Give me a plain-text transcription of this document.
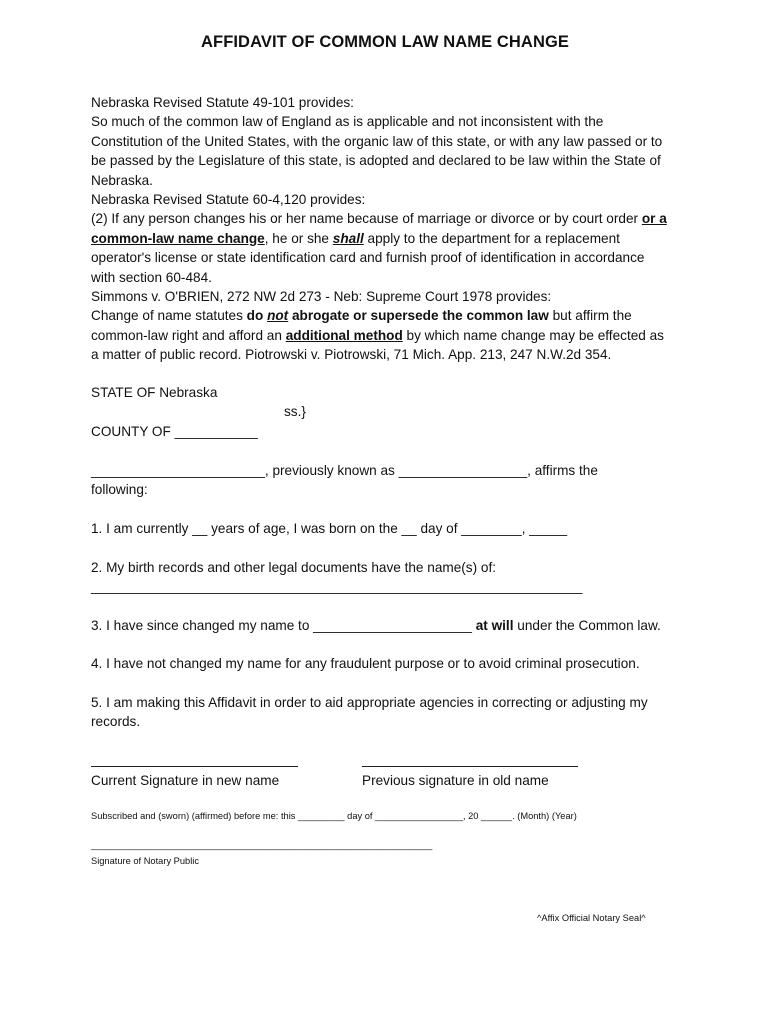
AFFIDAVIT OF COMMON LAW NAME CHANGE
Nebraska Revised Statute 49-101 provides:
So much of the common law of England as is applicable and not inconsistent with the
Constitution of the United States, with the organic law of this state, or with any law passed or to
be passed by the Legislature of this state, is adopted and declared to be law within the State of
Nebraska.
Nebraska Revised Statute 60-4,120 provides:
(2) If any person changes his or her name because of marriage or divorce or by court order or a
common-law name change, he or she shall apply to the department for a replacement
operator's license or state identification card and furnish proof of identification in accordance
with section 60-484.
Simmons v. O'BRIEN, 272 NW 2d 273 - Neb: Supreme Court 1978 provides:
Change of name statutes do not abrogate or supersede the common law but affirm the
common-law right and afford an additional method by which name change may be effected as
a matter of public record. Piotrowski v. Piotrowski, 71 Mich. App. 213, 247 N.W.2d 354.
STATE OF Nebraska
ss.}
COUNTY OF ___________
_______________________, previously known as _________________, affirms the
following:
1. I am currently __ years of age, I was born on the __ day of ________, _____
2. My birth records and other legal documents have the name(s) of:
_________________________________________________________________
3. I have since changed my name to _____________________ at will under the Common law.
4. I have not changed my name for any fraudulent purpose or to avoid criminal prosecution.
5. I am making this Affidavit in order to aid appropriate agencies in correcting or adjusting my
records.
Current Signature in new name	Previous signature in old name
Subscribed and (sworn) (affirmed) before me: this _________ day of _________________, 20 ______. (Month) (Year)
__________________________________________________________________
Signature of Notary Public
^Affix Official Notary Seal^
